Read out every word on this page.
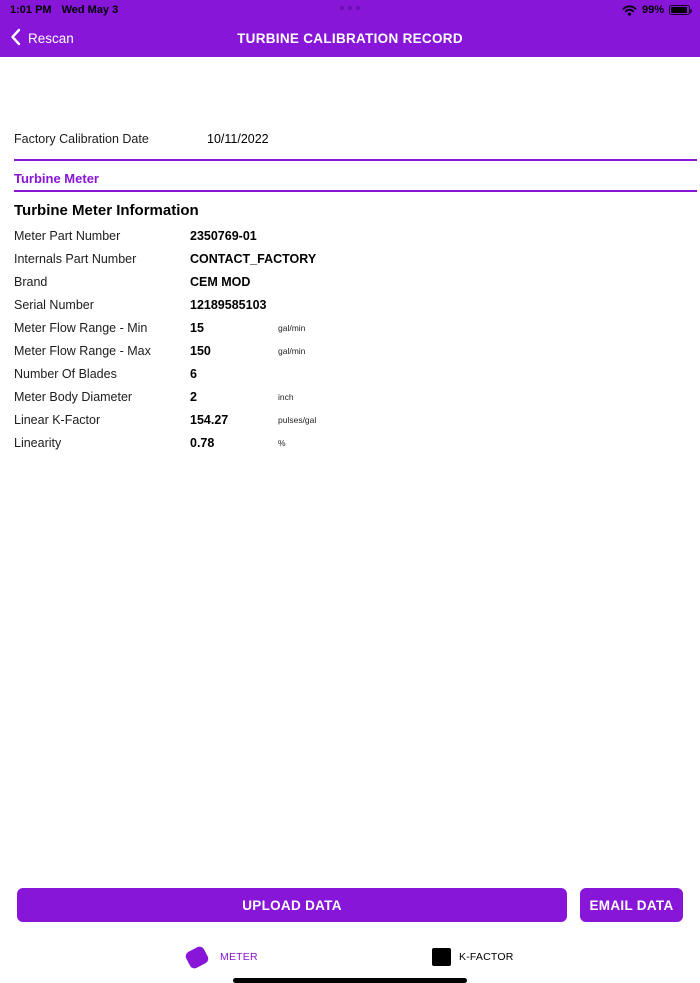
1:01 PM Wed May 3	99%
Rescan	TURBINE CALIBRATION RECORD
Factory Calibration Date	10/11/2022
Turbine Meter
Turbine Meter Information
Meter Part Number	2350769-01
Internals Part Number	CONTACT_FACTORY
Brand	CEM MOD
Serial Number	12189585103
Meter Flow Range - Min	15	gal/min
Meter Flow Range - Max	150	gal/min
Number Of Blades	6
Meter Body Diameter	2	inch
Linear K-Factor	154.27	pulses/gal
Linearity	0.78	%
UPLOAD DATA	EMAIL DATA
METER	K-FACTOR
